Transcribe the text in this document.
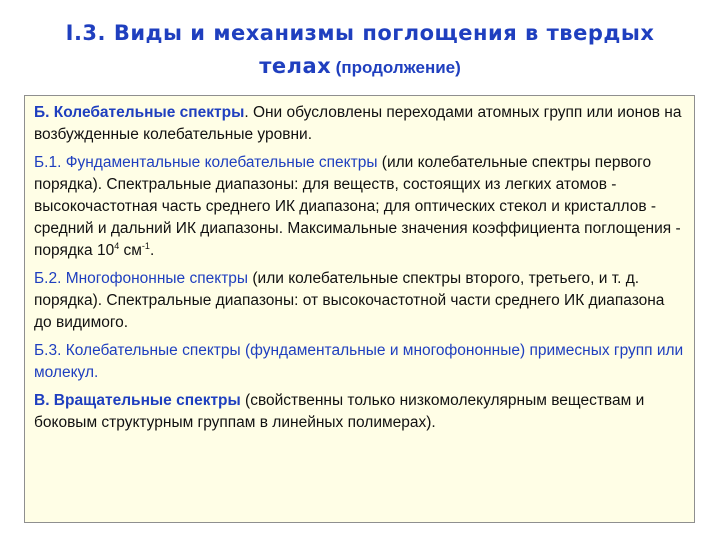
I.3. Виды и механизмы поглощения в твердых
телах (продолжение)

Б. Колебательные спектры. Они обусловлены переходами атомных групп или ионов на возбужденные колебательные уровни.

Б.1. Фундаментальные колебательные спектры (или колебательные спектры первого порядка). Спектральные диапазоны: для веществ, состоящих из легких атомов - высокочастотная часть среднего ИК диапазона; для оптических стекол и кристаллов - средний и дальний ИК диапазоны. Максимальные значения коэффициента поглощения - порядка $10^4$ $см^{-1}$.

Б.2. Многофононные спектры (или колебательные спектры второго, третьего, и т. д. порядка). Спектральные диапазоны: от высокочастотной части среднего ИК диапазона до видимого.

Б.3. Колебательные спектры (фундаментальные и многофононные) примесных групп или молекул.

В. Вращательные спектры (свойственны только низкомолекулярным веществам и боковым структурным группам в линейных полимерах).
